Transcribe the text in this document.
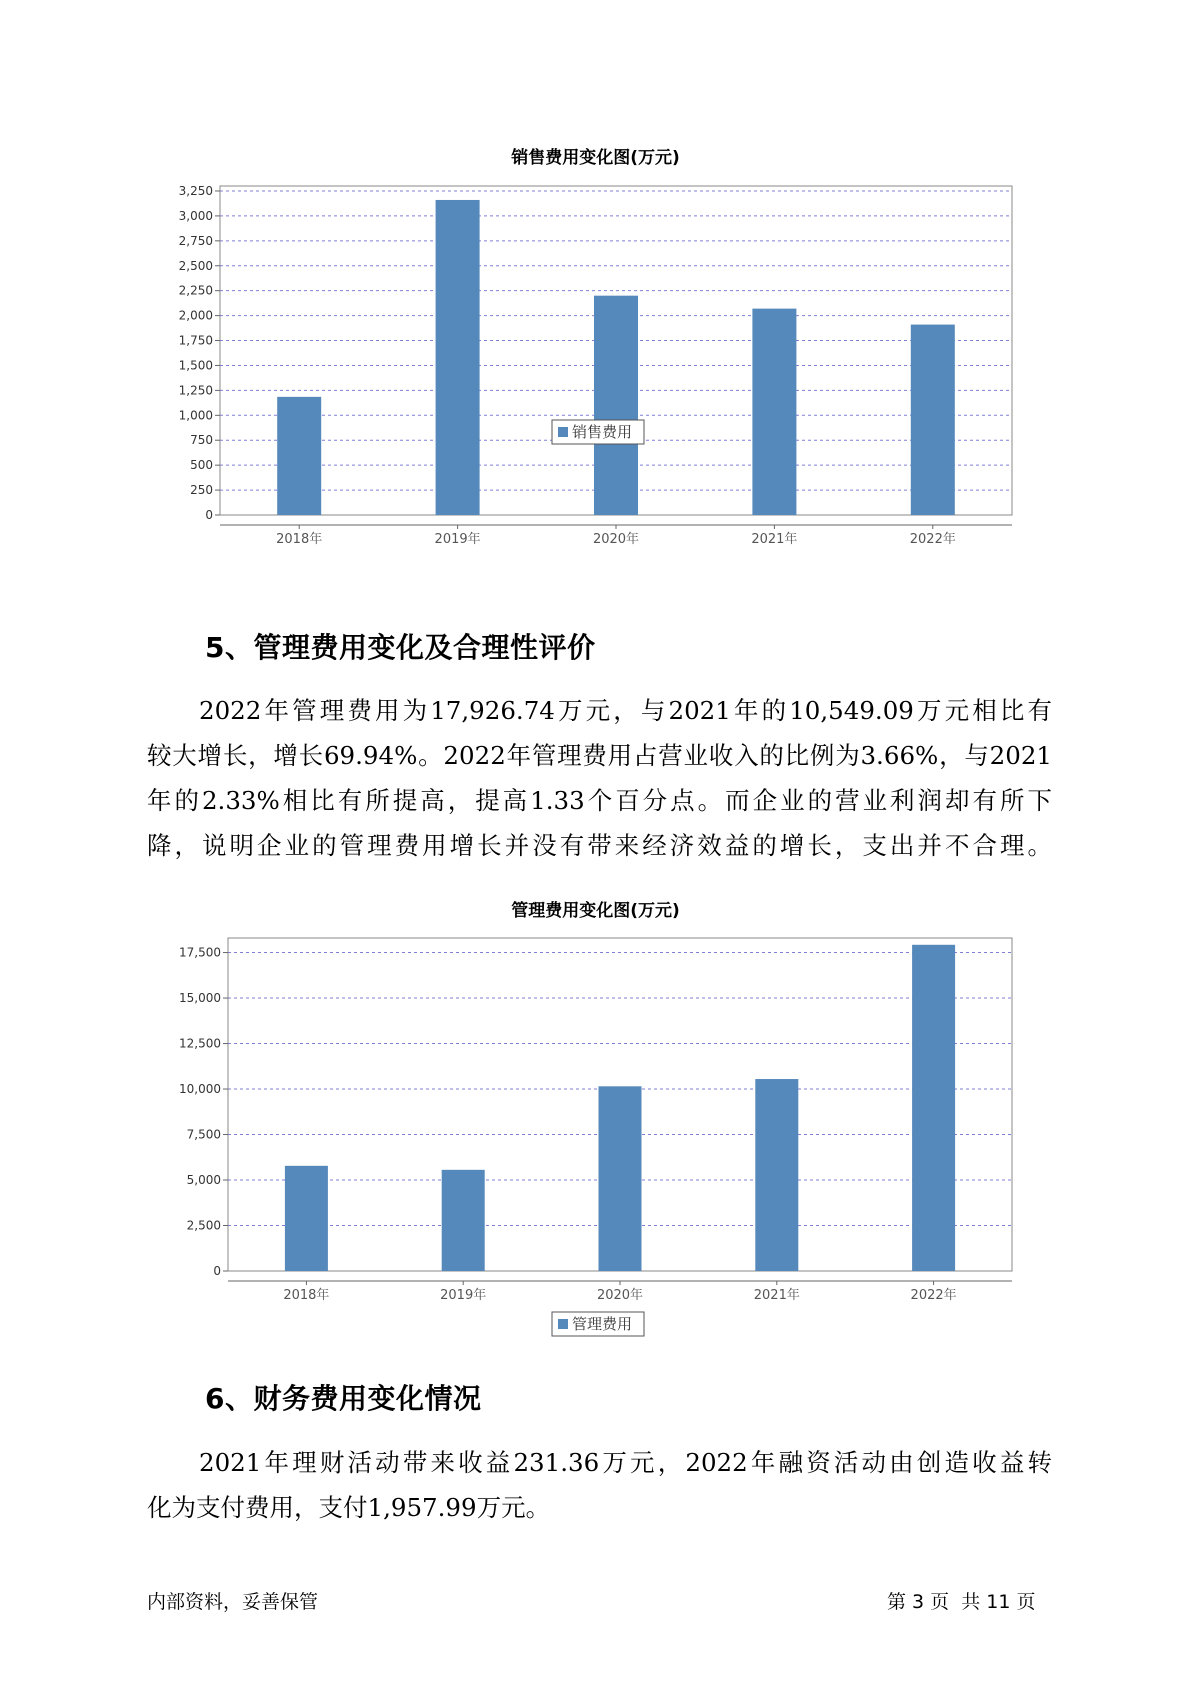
销售费用变化图(万元)
0
250
500
750
1,000
1,250
1,500
1,750
2,000
2,250
2,500
2,750
3,000
3,250
2018年	2019年	2020年	2021年	2022年
销售费用
5、管理费用变化及合理性评价
2022年管理费用为17,926.74万元，与2021年的10,549.09万元相比有
较大增长，增长69.94%。2022年管理费用占营业收入的比例为3.66%，与2021
年的2.33%相比有所提高，提高1.33个百分点。而企业的营业利润却有所下
降，说明企业的管理费用增长并没有带来经济效益的增长，支出并不合理。
管理费用变化图(万元)
0
2,500
5,000
7,500
10,000
12,500
15,000
17,500
2018年	2019年	2020年	2021年	2022年
管理费用
6、财务费用变化情况
2021年理财活动带来收益231.36万元，2022年融资活动由创造收益转
化为支付费用，支付1,957.99万元。
内部资料，妥善保管	第 3 页  共 11 页
